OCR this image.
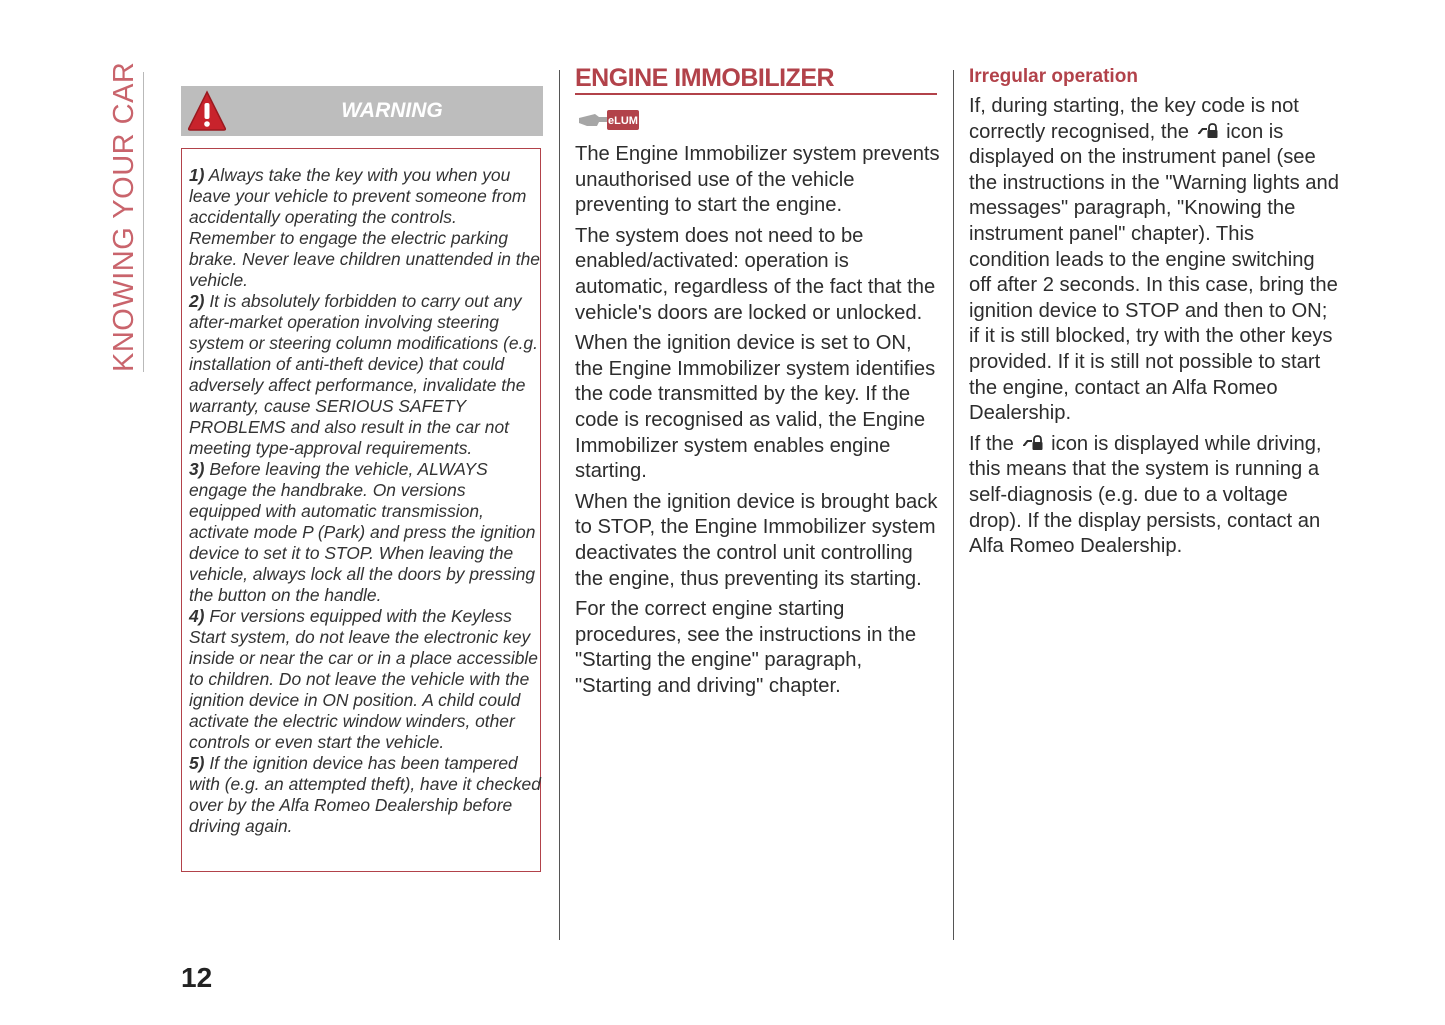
KNOWING YOUR CAR	WARNING
1) Always take the key with you when you leave your vehicle to prevent someone from accidentally operating the controls. Remember to engage the electric parking brake. Never leave children unattended in the vehicle.
2) It is absolutely forbidden to carry out any after-market operation involving steering system or steering column modifications (e.g. installation of anti-theft device) that could adversely affect performance, invalidate the warranty, cause SERIOUS SAFETY PROBLEMS and also result in the car not meeting type-approval requirements.
3) Before leaving the vehicle, ALWAYS engage the handbrake. On versions equipped with automatic transmission, activate mode P (Park) and press the ignition device to set it to STOP. When leaving the vehicle, always lock all the doors by pressing the button on the handle.
4) For versions equipped with the Keyless Start system, do not leave the electronic key inside or near the car or in a place accessible to children. Do not leave the vehicle with the ignition device in ON position. A child could activate the electric window winders, other controls or even start the vehicle.
5) If the ignition device has been tampered with (e.g. an attempted theft), have it checked over by the Alfa Romeo Dealership before driving again.
ENGINE IMMOBILIZER
eLUM

The Engine Immobilizer system prevents unauthorised use of the vehicle preventing to start the engine.

The system does not need to be enabled/activated: operation is automatic, regardless of the fact that the vehicle's doors are locked or unlocked.

When the ignition device is set to ON, the Engine Immobilizer system identifies the code transmitted by the key. If the code is recognised as valid, the Engine Immobilizer system enables engine starting.

When the ignition device is brought back to STOP, the Engine Immobilizer system deactivates the control unit controlling the engine, thus preventing its starting.

For the correct engine starting procedures, see the instructions in the "Starting the engine" paragraph, "Starting and driving" chapter.

Irregular operation

If, during starting, the key code is not correctly recognised, the icon is displayed on the instrument panel (see the instructions in the "Warning lights and messages" paragraph, "Knowing the instrument panel" chapter). This condition leads to the engine switching off after 2 seconds. In this case, bring the ignition device to STOP and then to ON; if it is still blocked, try with the other keys provided. If it is still not possible to start the engine, contact an Alfa Romeo Dealership.

If the icon is displayed while driving, this means that the system is running a self-diagnosis (e.g. due to a voltage drop). If the display persists, contact an Alfa Romeo Dealership.

12
